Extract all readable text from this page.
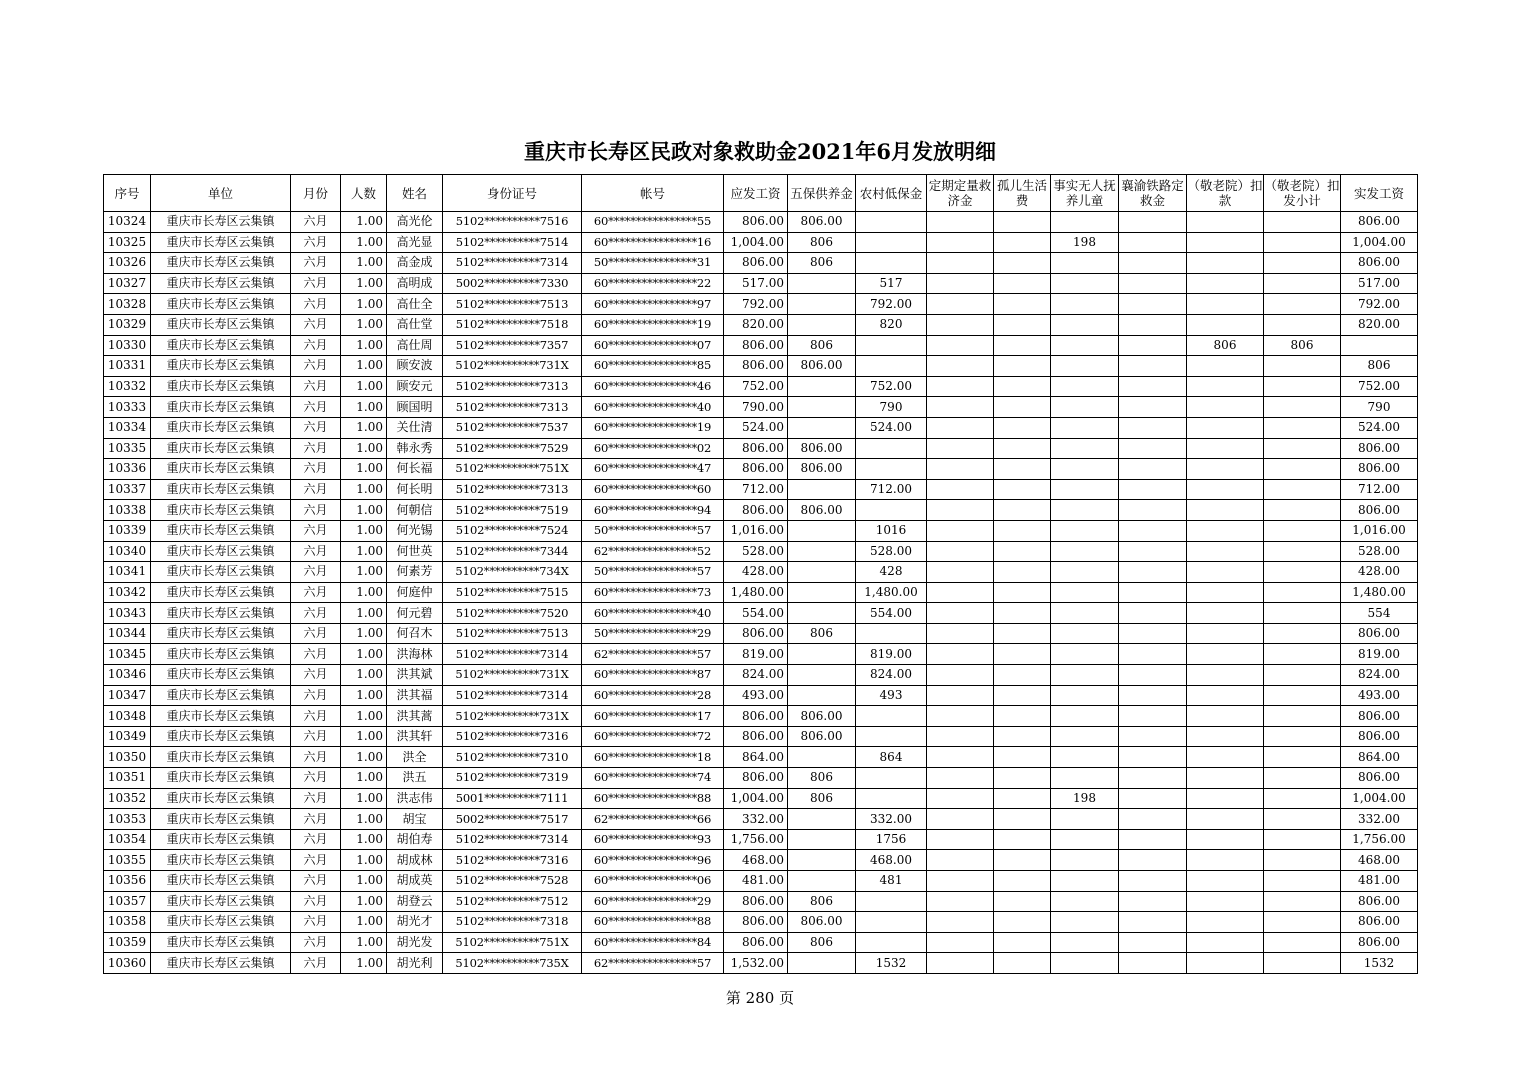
重庆市长寿区民政对象救助金2021年6月发放明细
序号	单位	月份	人数	姓名	身份证号	帐号	应发工资	五保供养金	农村低保金	定期定量救济金	孤儿生活费	事实无人抚养儿童	襄渝铁路定救金	（敬老院）扣款	（敬老院）扣发小计	实发工资
10324	重庆市长寿区云集镇	六月	1.00	高光伦	5102**********7516	60****************55	806.00	806.00								806.00
10325	重庆市长寿区云集镇	六月	1.00	高光显	5102**********7514	60****************16	1,004.00	806				198				1,004.00
10326	重庆市长寿区云集镇	六月	1.00	高金成	5102**********7314	50****************31	806.00	806								806.00
10327	重庆市长寿区云集镇	六月	1.00	高明成	5002**********7330	60****************22	517.00		517							517.00
10328	重庆市长寿区云集镇	六月	1.00	高仕全	5102**********7513	60****************97	792.00		792.00							792.00
10329	重庆市长寿区云集镇	六月	1.00	高仕堂	5102**********7518	60****************19	820.00		820							820.00
10330	重庆市长寿区云集镇	六月	1.00	高仕周	5102**********7357	60****************07	806.00	806						806	806	
10331	重庆市长寿区云集镇	六月	1.00	顾安波	5102**********731X	60****************85	806.00	806.00								806
10332	重庆市长寿区云集镇	六月	1.00	顾安元	5102**********7313	60****************46	752.00		752.00							752.00
10333	重庆市长寿区云集镇	六月	1.00	顾国明	5102**********7313	60****************40	790.00		790							790
10334	重庆市长寿区云集镇	六月	1.00	关仕清	5102**********7537	60****************19	524.00		524.00							524.00
10335	重庆市长寿区云集镇	六月	1.00	韩永秀	5102**********7529	60****************02	806.00	806.00								806.00
10336	重庆市长寿区云集镇	六月	1.00	何长福	5102**********751X	60****************47	806.00	806.00								806.00
10337	重庆市长寿区云集镇	六月	1.00	何长明	5102**********7313	60****************60	712.00		712.00							712.00
10338	重庆市长寿区云集镇	六月	1.00	何朝信	5102**********7519	60****************94	806.00	806.00								806.00
10339	重庆市长寿区云集镇	六月	1.00	何光锡	5102**********7524	50****************57	1,016.00		1016							1,016.00
10340	重庆市长寿区云集镇	六月	1.00	何世英	5102**********7344	62****************52	528.00		528.00							528.00
10341	重庆市长寿区云集镇	六月	1.00	何素芳	5102**********734X	50****************57	428.00		428							428.00
10342	重庆市长寿区云集镇	六月	1.00	何庭仲	5102**********7515	60****************73	1,480.00		1,480.00							1,480.00
10343	重庆市长寿区云集镇	六月	1.00	何元碧	5102**********7520	60****************40	554.00		554.00							554
10344	重庆市长寿区云集镇	六月	1.00	何召木	5102**********7513	50****************29	806.00	806								806.00
10345	重庆市长寿区云集镇	六月	1.00	洪海林	5102**********7314	62****************57	819.00		819.00							819.00
10346	重庆市长寿区云集镇	六月	1.00	洪其斌	5102**********731X	60****************87	824.00		824.00							824.00
10347	重庆市长寿区云集镇	六月	1.00	洪其福	5102**********7314	60****************28	493.00		493							493.00
10348	重庆市长寿区云集镇	六月	1.00	洪其蒿	5102**********731X	60****************17	806.00	806.00								806.00
10349	重庆市长寿区云集镇	六月	1.00	洪其轩	5102**********7316	60****************72	806.00	806.00								806.00
10350	重庆市长寿区云集镇	六月	1.00	洪全	5102**********7310	60****************18	864.00		864							864.00
10351	重庆市长寿区云集镇	六月	1.00	洪五	5102**********7319	60****************74	806.00	806								806.00
10352	重庆市长寿区云集镇	六月	1.00	洪志伟	5001**********7111	60****************88	1,004.00	806				198				1,004.00
10353	重庆市长寿区云集镇	六月	1.00	胡宝	5002**********7517	62****************66	332.00		332.00							332.00
10354	重庆市长寿区云集镇	六月	1.00	胡伯寿	5102**********7314	60****************93	1,756.00		1756							1,756.00
10355	重庆市长寿区云集镇	六月	1.00	胡成林	5102**********7316	60****************96	468.00		468.00							468.00
10356	重庆市长寿区云集镇	六月	1.00	胡成英	5102**********7528	60****************06	481.00		481							481.00
10357	重庆市长寿区云集镇	六月	1.00	胡登云	5102**********7512	60****************29	806.00	806								806.00
10358	重庆市长寿区云集镇	六月	1.00	胡光才	5102**********7318	60****************88	806.00	806.00								806.00
10359	重庆市长寿区云集镇	六月	1.00	胡光发	5102**********751X	60****************84	806.00	806								806.00
10360	重庆市长寿区云集镇	六月	1.00	胡光利	5102**********735X	62****************57	1,532.00		1532							1532
第 280 页
